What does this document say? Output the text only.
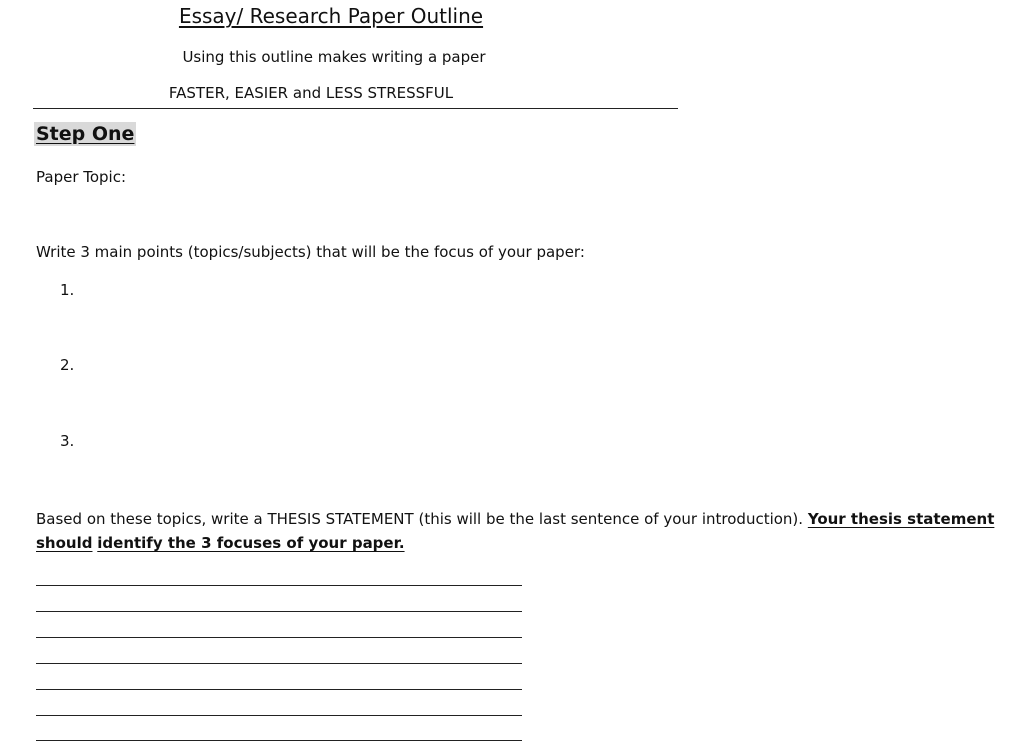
Essay/ Research Paper Outline
Using this outline makes writing a paper
FASTER, EASIER and LESS STRESSFUL
Step One
Paper Topic:
Write 3 main points (topics/subjects) that will be the focus of your paper:
1.
2.
3.
Based on these topics, write a THESIS STATEMENT (this will be the last sentence of your introduction). Your thesis statement should identify the 3 focuses of your paper.
